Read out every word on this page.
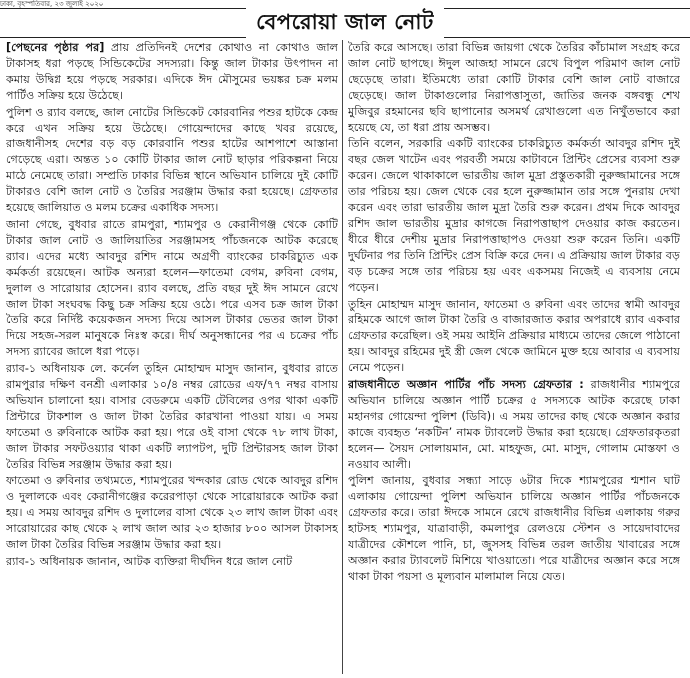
ঢাকা, বৃহস্পতিবার, ২৩ জুলাই ২০২০
বেপরোয়া জাল নোট

[পেছনের পৃষ্ঠার পর] প্রায় প্রতিদিনই দেশের কোথাও না কোথাও জাল টাকাসহ ধরা পড়ছে সিন্ডিকেটের সদস্যরা। কিন্তু জাল টাকার উৎপাদন না কমায় উদ্বিগ্ন হয়ে পড়ছে সরকার। এদিকে ঈদ মৌসুমের ভয়ঙ্কর চক্র মলম পার্টিও সক্রিয় হয়ে উঠেছে।

পুলিশ ও র‍্যাব বলছে, জাল নোটের সিন্ডিকেট কোরবানির পশুর হাটকে কেন্দ্র করে এখন সক্রিয় হয়ে উঠেছে। গোয়েন্দাদের কাছে খবর রয়েছে, রাজধানীসহ দেশের বড় বড় কোরবানি পশুর হাটের আশপাশে আস্তানা গেড়েছে এরা। অন্তত ১০ কোটি টাকার জাল নোট ছাড়ার পরিকল্পনা নিয়ে মাঠে নেমেছে তারা। সম্প্রতি ঢাকার বিভিন্ন স্থানে অভিযান চালিয়ে দুই কোটি টাকারও বেশি জাল নোট ও তৈরির সরঞ্জাম উদ্ধার করা হয়েছে। গ্রেফতার হয়েছে জালিয়াত ও মলম চক্রের একাধিক সদস্য।

জানা গেছে, বুধবার রাতে রামপুরা, শ্যামপুর ও কেরানীগঞ্জ থেকে কোটি টাকার জাল নোট ও জালিয়াতির সরঞ্জামসহ পাঁচজনকে আটক করেছে র‍্যাব। এদের মধ্যে আবদুর রশিদ নামে অগ্রণী ব্যাংকের চাকরিচ্যুত এক কর্মকর্তা রয়েছেন। আটক অন্যরা হলেন—ফাতেমা বেগম, রুবিনা বেগম, দুলাল ও সারোয়ার হোসেন। র‍্যাব বলছে, প্রতি বছর দুই ঈদ সামনে রেখে জাল টাকা সংঘবদ্ধ কিছু চক্র সক্রিয় হয়ে ওঠে। পরে এসব চক্র জাল টাকা তৈরি করে নির্দিষ্ট কয়েকজন সদস্য দিয়ে আসল টাকার ভেতর জাল টাকা দিয়ে সহজ-সরল মানুষকে নিঃস্ব করে। দীর্ঘ অনুসন্ধানের পর এ চক্রের পাঁচ সদস্য র‍্যাবের জালে ধরা পড়ে।

র‍্যাব-১ অধিনায়ক লে. কর্নেল তুহিন মোহাম্মদ মাসুদ জানান, বুধবার রাতে রামপুরার দক্ষিণ বনশ্রী এলাকার ১০/৪ নম্বর রোডের এফ/৭৭ নম্বর বাসায় অভিযান চালানো হয়। বাসার বেডরুমে একটি টেবিলের ওপর থাকা একটি প্রিন্টারে টাকশাল ও জাল টাকা তৈরির কারখানা পাওয়া যায়। এ সময় ফাতেমা ও রুবিনাকে আটক করা হয়। পরে ওই বাসা থেকে ৭৮ লাখ টাকা, জাল টাকার সফটওয়্যার থাকা একটি ল্যাপটপ, দুটি প্রিন্টারসহ জাল টাকা তৈরির বিভিন্ন সরঞ্জাম উদ্ধার করা হয়।

ফাতেমা ও রুবিনার তথ্যমতে, শ্যামপুরের খন্দকার রোড থেকে আবদুর রশিদ ও দুলালকে এবং কেরানীগঞ্জের করেরপাড়া থেকে সারোয়ারকে আটক করা হয়। এ সময় আবদুর রশিদ ও দুলালের বাসা থেকে ২৩ লাখ জাল টাকা এবং সারোয়ারের কাছ থেকে ২ লাখ জাল আর ২৩ হাজার ৮০০ আসল টাকাসহ জাল টাকা তৈরির বিভিন্ন সরঞ্জাম উদ্ধার করা হয়।

র‍্যাব-১ অধিনায়ক জানান, আটক ব্যক্তিরা দীর্ঘদিন ধরে জাল নোট

তৈরি করে আসছে। তারা বিভিন্ন জায়গা থেকে তৈরির কাঁচামাল সংগ্রহ করে জাল নোট ছাপছে। ঈদুল আজহা সামনে রেখে বিপুল পরিমাণ জাল নোট ছেড়েছে তারা। ইতিমধ্যে তারা কোটি টাকার বেশি জাল নোট বাজারে ছেড়েছে। জাল টাকাগুলোর নিরাপত্তাসুতা, জাতির জনক বঙ্গবন্ধু শেখ মুজিবুর রহমানের ছবি ছাপানোর অসমর্থ রেখাগুলো এত নিখুঁতভাবে করা হয়েছে যে, তা ধরা প্রায় অসম্ভব।

তিনি বলেন, সরকারি একটি ব্যাংকের চাকরিচ্যুত কর্মকর্তা আবদুর রশিদ দুই বছর জেল খাটেন এবং পরবর্তী সময়ে কাটাবনে প্রিন্টিং প্রেসের ব্যবসা শুরু করেন। জেলে থাকাকালে ভারতীয় জাল মুদ্রা প্রস্তুতকারী নুরুজ্জামানের সঙ্গে তার পরিচয় হয়। জেল থেকে বের হলে নুরুজ্জামান তার সঙ্গে পুনরায় দেখা করেন এবং তারা ভারতীয় জাল মুদ্রা তৈরি শুরু করেন। প্রথম দিকে আবদুর রশিদ জাল ভারতীয় মুদ্রার কাগজে নিরাপত্তাছাপ দেওয়ার কাজ করতেন। ধীরে ধীরে দেশীয় মুদ্রার নিরাপত্তাছাপও দেওয়া শুরু করেন তিনি। একটি দুর্ঘটনার পর তিনি প্রিন্টিং প্রেস বিক্রি করে দেন। এ প্রক্রিয়ায় জাল টাকার বড় বড় চক্রের সঙ্গে তার পরিচয় হয় এবং একসময় নিজেই এ ব্যবসায় নেমে পড়েন।

তুহিন মোহাম্মদ মাসুদ জানান, ফাতেমা ও রুবিনা এবং তাদের স্বামী আবদুর রহিমকে আগে জাল টাকা তৈরি ও বাজারজাত করার অপরাধে র‍্যাব একবার গ্রেফতার করেছিল। ওই সময় আইনি প্রক্রিয়ার মাধ্যমে তাদের জেলে পাঠানো হয়। আবদুর রহিমের দুই স্ত্রী জেল থেকে জামিনে মুক্ত হয়ে আবার এ ব্যবসায় নেমে পড়েন।

রাজধানীতে অজ্ঞান পার্টির পাঁচ সদস্য গ্রেফতার : রাজধানীর শ্যামপুরে অভিযান চালিয়ে অজ্ঞান পার্টি চক্রের ৫ সদস্যকে আটক করেছে ঢাকা মহানগর গোয়েন্দা পুলিশ (ডিবি)। এ সময় তাদের কাছ থেকে অজ্ঞান করার কাজে ব্যবহৃত ‘নকটিন’ নামক ট্যাবলেট উদ্ধার করা হয়েছে। গ্রেফতারকৃতরা হলেন— সৈয়দ সোলায়মান, মো. মাহফুজ, মো. মাসুদ, গোলাম মোস্তফা ও নওয়াব আলী।

পুলিশ জানায়, বুধবার সন্ধ্যা সাড়ে ৬টার দিকে শ্যামপুরের শ্মশান ঘাট এলাকায় গোয়েন্দা পুলিশ অভিযান চালিয়ে অজ্ঞান পার্টির পাঁচজনকে গ্রেফতার করে। তারা ঈদকে সামনে রেখে রাজধানীর বিভিন্ন এলাকায় গরুর হাটসহ শ্যামপুর, যাত্রাবাড়ী, কমলাপুর রেলওয়ে স্টেশন ও সায়েদাবাদের যাত্রীদের কৌশলে পানি, চা, জুসসহ বিভিন্ন তরল জাতীয় খাবারের সঙ্গে অজ্ঞান করার ট্যাবলেট মিশিয়ে খাওয়াতো। পরে যাত্রীদের অজ্ঞান করে সঙ্গে থাকা টাকা পয়সা ও মূল্যবান মালামাল নিয়ে যেত।
